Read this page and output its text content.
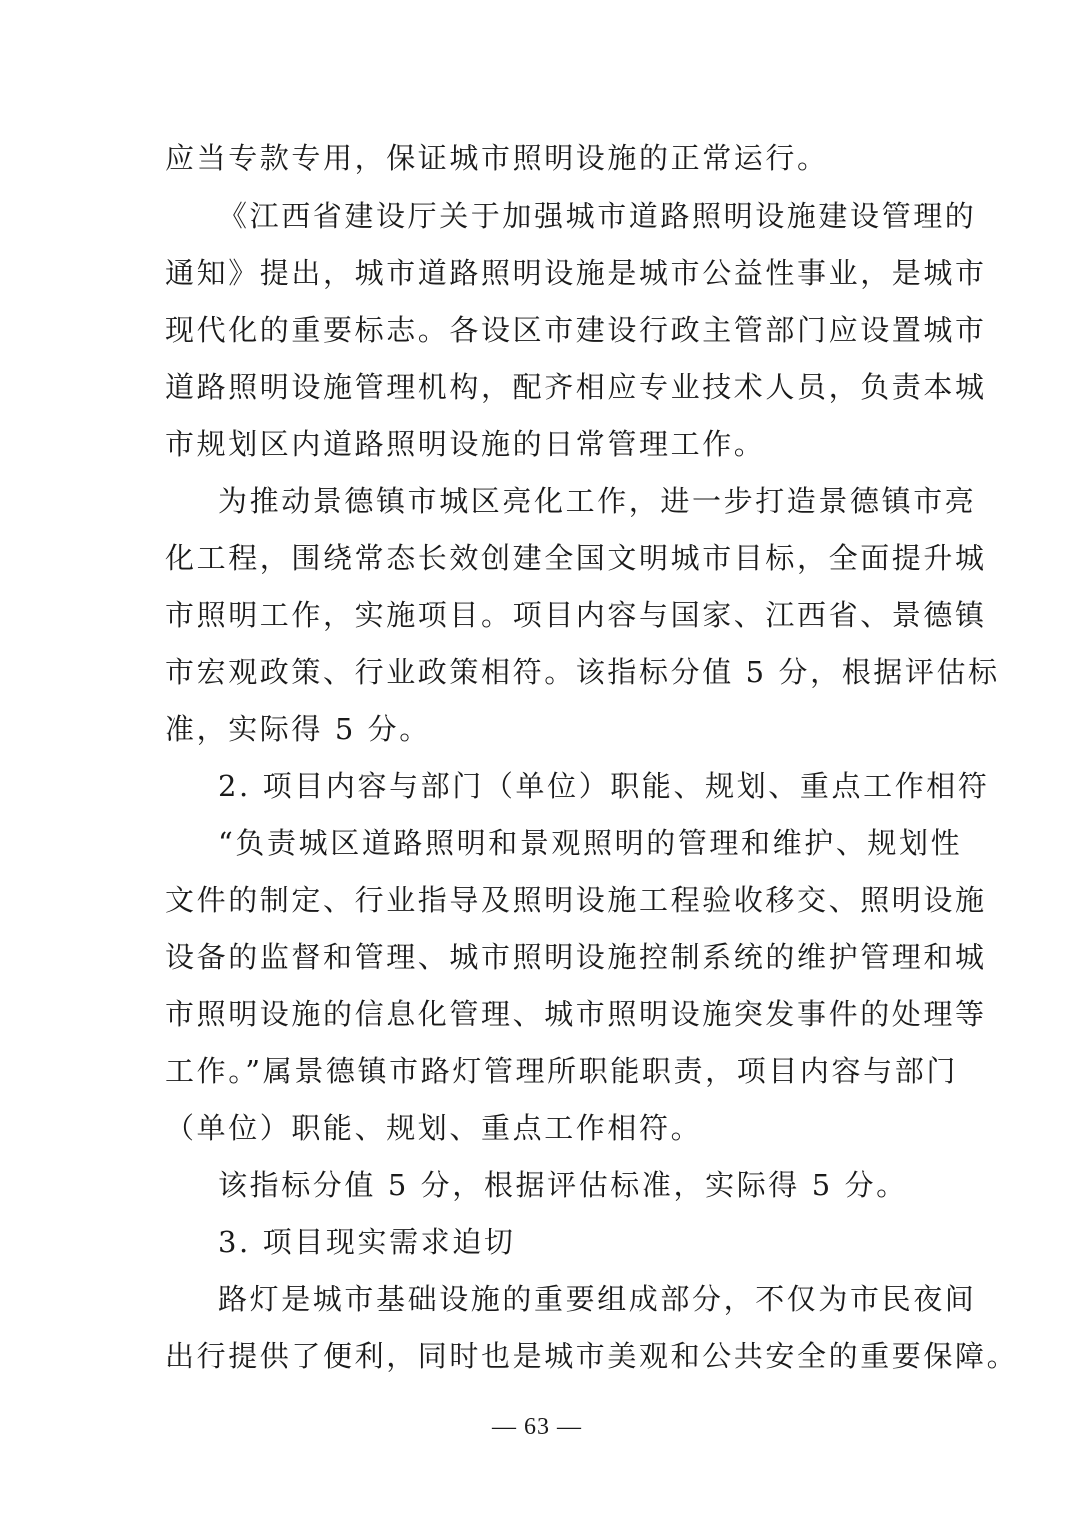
应当专款专用，保证城市照明设施的正常运行。
《江西省建设厅关于加强城市道路照明设施建设管理的
通知》提出，城市道路照明设施是城市公益性事业，是城市
现代化的重要标志。各设区市建设行政主管部门应设置城市
道路照明设施管理机构，配齐相应专业技术人员，负责本城
市规划区内道路照明设施的日常管理工作。
为推动景德镇市城区亮化工作，进一步打造景德镇市亮
化工程，围绕常态长效创建全国文明城市目标，全面提升城
市照明工作，实施项目。项目内容与国家、江西省、景德镇
市宏观政策、行业政策相符。该指标分值 5 分，根据评估标
准，实际得 5 分。
2. 项目内容与部门（单位）职能、规划、重点工作相符
“负责城区道路照明和景观照明的管理和维护、规划性
文件的制定、行业指导及照明设施工程验收移交、照明设施
设备的监督和管理、城市照明设施控制系统的维护管理和城
市照明设施的信息化管理、城市照明设施突发事件的处理等
工作。”属景德镇市路灯管理所职能职责，项目内容与部门
（单位）职能、规划、重点工作相符。
该指标分值 5 分，根据评估标准，实际得 5 分。
3. 项目现实需求迫切
路灯是城市基础设施的重要组成部分，不仅为市民夜间
出行提供了便利，同时也是城市美观和公共安全的重要保障。
— 63 —
